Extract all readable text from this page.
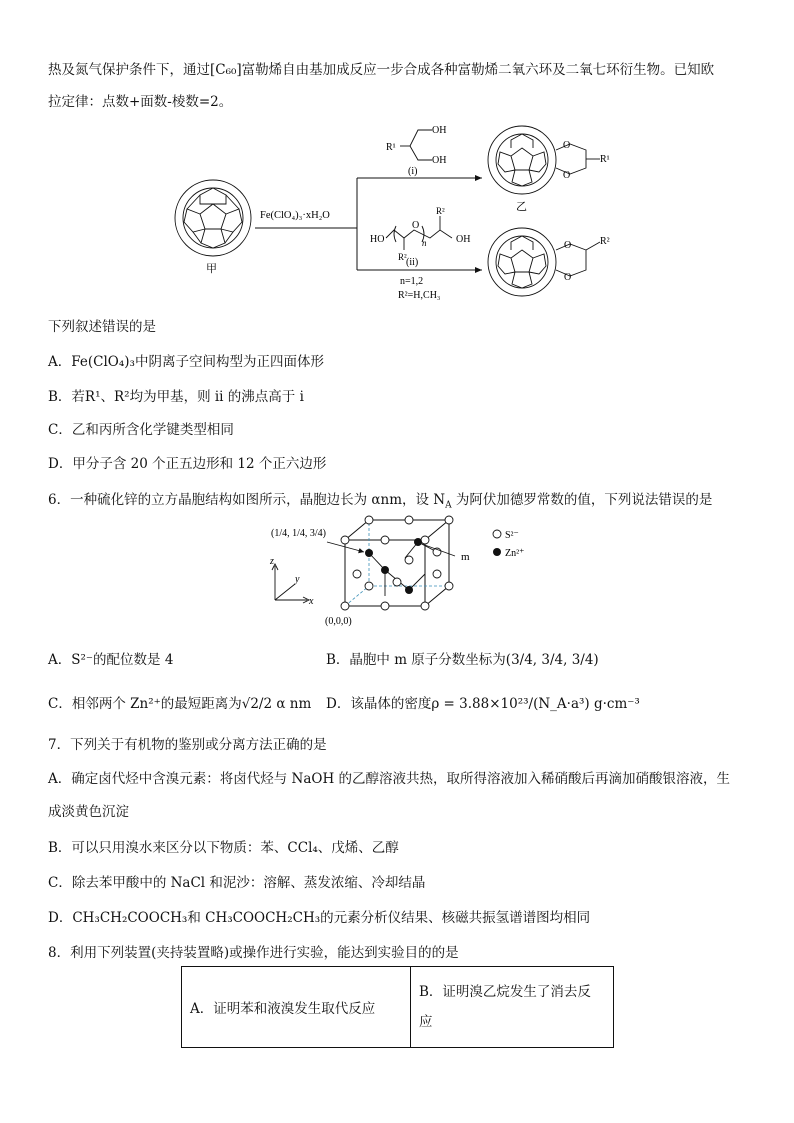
热及氮气保护条件下，通过[C₆₀]富勒烯自由基加成反应一步合成各种富勒烯二氧六环及二氧七环衍生物。已知欧
拉定律：点数+面数-棱数=2。
甲
Fe(ClO₄)₃·xH₂O
R¹
OH
OH
(i)
HO	OH
O
n
R²
R² (ii)
n=1,2
R²=H,CH₃
O
O
R¹
乙
O
O
R²
下列叙述错误的是
A．Fe(ClO₄)₃中阴离子空间构型为正四面体形
B．若R¹、R²均为甲基，则 ii 的沸点高于 i
C．乙和丙所含化学键类型相同
D．甲分子含 20 个正五边形和 12 个正六边形
6．一种硫化锌的立方晶胞结构如图所示，晶胞边长为 αnm，设 $N_A$ 为阿伏加德罗常数的值，下列说法错误的是
z
y
x
m
(1/4, 1/4, 3/4)
(0,0,0)
S²⁻
Zn²⁺
A．S²⁻的配位数是 4	B．晶胞中 m 原子分数坐标为(3/4, 3/4, 3/4)
C．相邻两个 Zn²⁺的最短距离为√2/2 α nm D．该晶体的密度ρ = 3.88×10²³/(N_A·a³) g·cm⁻³
7．下列关于有机物的鉴别或分离方法正确的是
A．确定卤代烃中含溴元素：将卤代烃与 NaOH 的乙醇溶液共热，取所得溶液加入稀硝酸后再滴加硝酸银溶液，生
成淡黄色沉淀
B．可以只用溴水来区分以下物质：苯、CCl₄、戊烯、乙醇
C．除去苯甲酸中的 NaCl 和泥沙：溶解、蒸发浓缩、冷却结晶
D．CH₃CH₂COOCH₃和 CH₃COOCH₂CH₃的元素分析仪结果、核磁共振氢谱谱图均相同
8．利用下列装置(夹持装置略)或操作进行实验，能达到实验目的的是
A．证明苯和液溴发生取代反应	
B．证明溴乙烷发生了消去反
应
